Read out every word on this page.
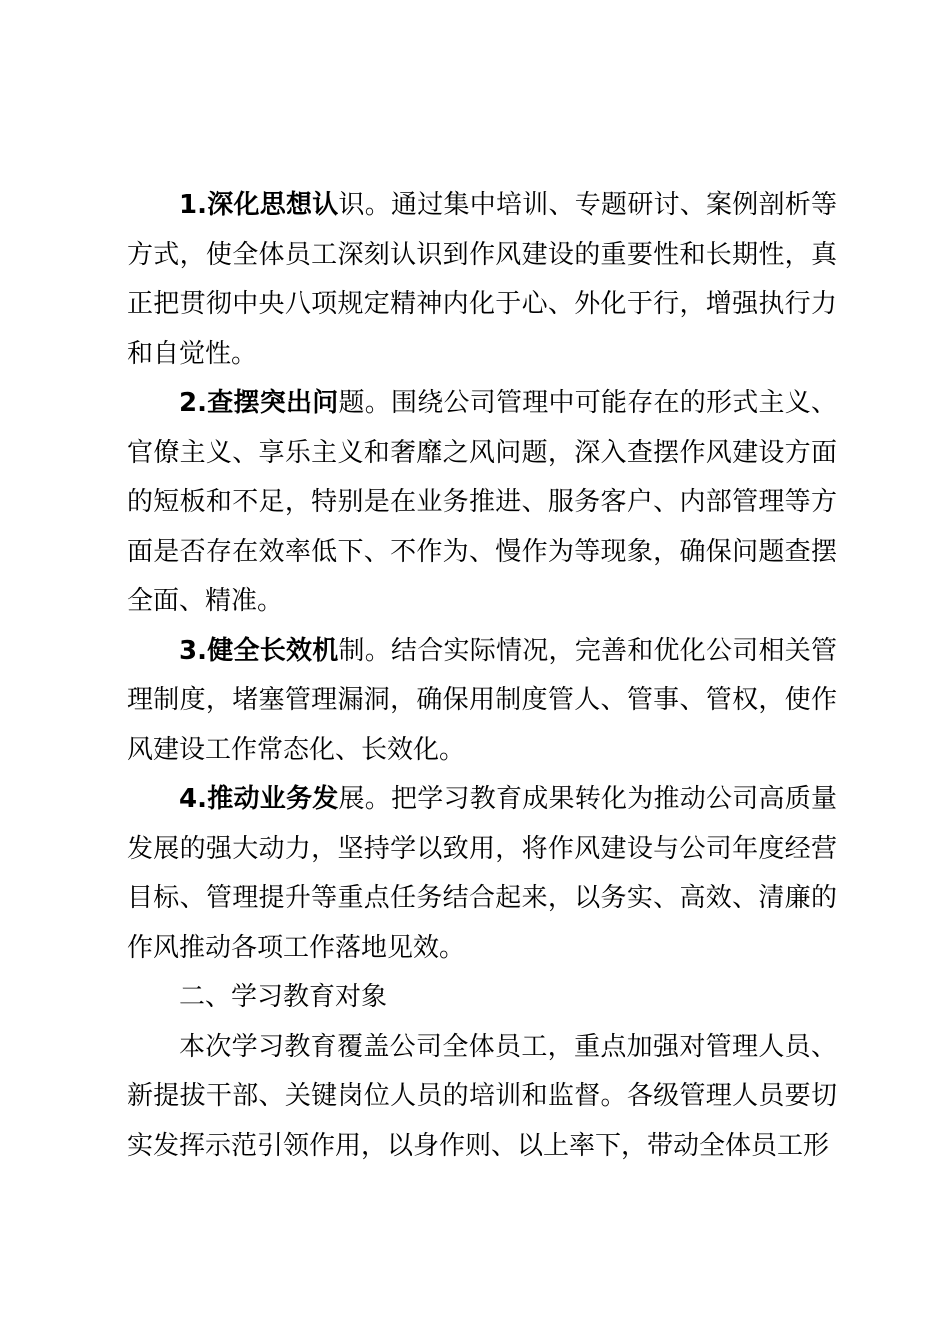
1.深化思想认识。通过集中培训、专题研讨、案例剖析等方式，使全体员工深刻认识到作风建设的重要性和长期性，真正把贯彻中央八项规定精神内化于心、外化于行，增强执行力和自觉性。

2.查摆突出问题。围绕公司管理中可能存在的形式主义、官僚主义、享乐主义和奢靡之风问题，深入查摆作风建设方面的短板和不足，特别是在业务推进、服务客户、内部管理等方面是否存在效率低下、不作为、慢作为等现象，确保问题查摆全面、精准。

3.健全长效机制。结合实际情况，完善和优化公司相关管理制度，堵塞管理漏洞，确保用制度管人、管事、管权，使作风建设工作常态化、长效化。

4.推动业务发展。把学习教育成果转化为推动公司高质量发展的强大动力，坚持学以致用，将作风建设与公司年度经营目标、管理提升等重点任务结合起来，以务实、高效、清廉的作风推动各项工作落地见效。

二、学习教育对象

本次学习教育覆盖公司全体员工，重点加强对管理人员、新提拔干部、关键岗位人员的培训和监督。各级管理人员要切实发挥示范引领作用，以身作则、以上率下，带动全体员工形
